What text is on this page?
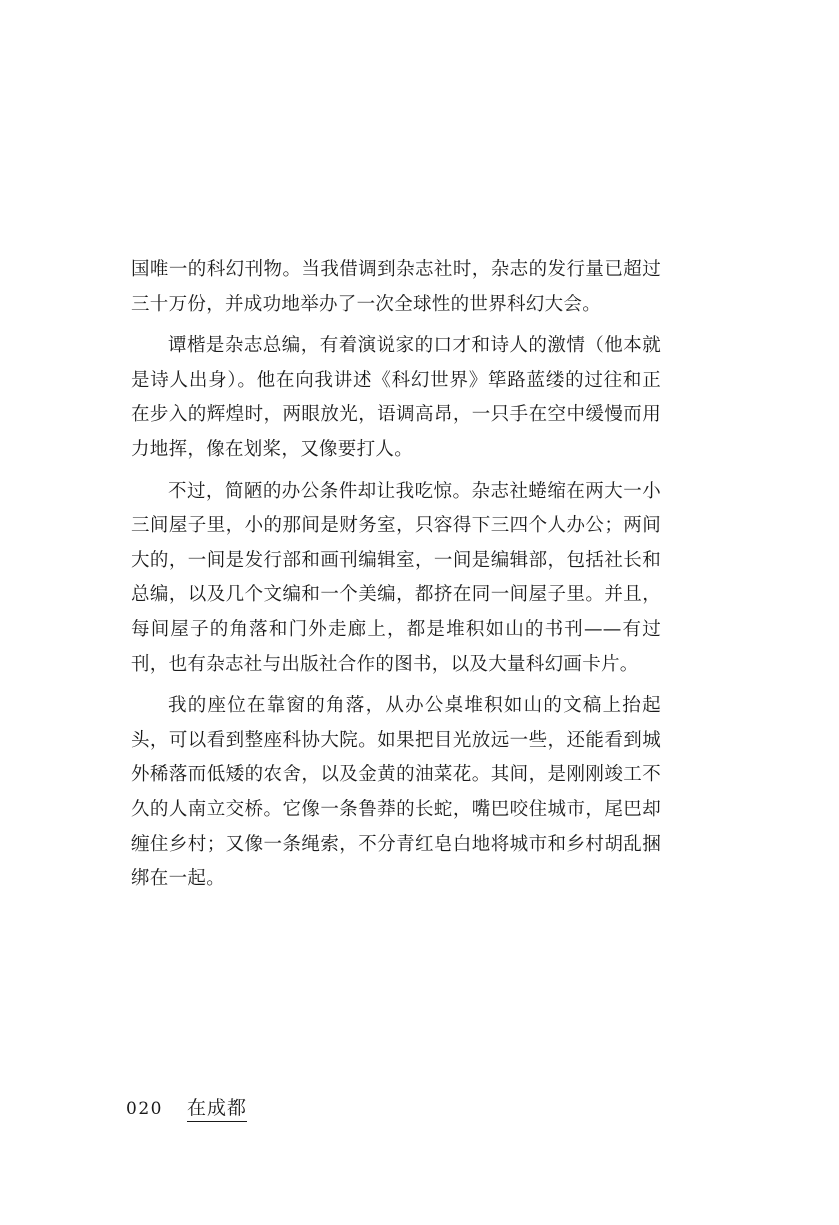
国唯一的科幻刊物。当我借调到杂志社时，杂志的发行量已超过三十万份，并成功地举办了一次全球性的世界科幻大会。

谭楷是杂志总编，有着演说家的口才和诗人的激情（他本就是诗人出身）。他在向我讲述《科幻世界》筚路蓝缕的过往和正在步入的辉煌时，两眼放光，语调高昂，一只手在空中缓慢而用力地挥，像在划桨，又像要打人。

不过，简陋的办公条件却让我吃惊。杂志社蜷缩在两大一小三间屋子里，小的那间是财务室，只容得下三四个人办公；两间大的，一间是发行部和画刊编辑室，一间是编辑部，包括社长和总编，以及几个文编和一个美编，都挤在同一间屋子里。并且，每间屋子的角落和门外走廊上，都是堆积如山的书刊——有过刊，也有杂志社与出版社合作的图书，以及大量科幻画卡片。

我的座位在靠窗的角落，从办公桌堆积如山的文稿上抬起头，可以看到整座科协大院。如果把目光放远一些，还能看到城外稀落而低矮的农舍，以及金黄的油菜花。其间，是刚刚竣工不久的人南立交桥。它像一条鲁莽的长蛇，嘴巴咬住城市，尾巴却缠住乡村；又像一条绳索，不分青红皂白地将城市和乡村胡乱捆绑在一起。

020 在成都
